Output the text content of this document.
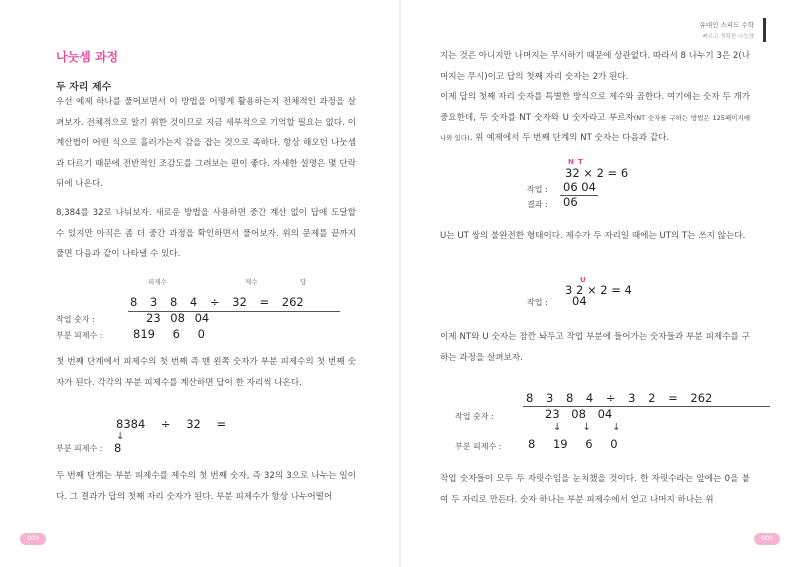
나눗셈 과정
두 자리 제수

우선 예제 하나를 풀어보면서 이 방법을 어떻게 활용하는지 전체적인 과정을 살펴보자. 전체적으로 알기 위한 것이므로 지금 세부적으로 기억할 필요는 없다. 이 계산법이 어떤 식으로 흘러가는지 감을 잡는 것으로 족하다. 항상 해오던 나눗셈과 다르기 때문에 전반적인 조감도를 그려보는 편이 좋다. 자세한 설명은 몇 단락 뒤에 나온다.

8,384를 32로 나눠보자. 새로운 방법을 사용하면 중간 계산 없이 답에 도달할 수 있지만 아직은 좀 더 중간 과정을 확인하면서 풀어보자. 위의 문제를 끝까지 풀면 다음과 같이 나타낼 수 있다.

피제수	제수	답
8 3 8 4 ÷ 32 = 262
작업 숫자 :	23 08 04
부분 피제수 :	819 6 0

첫 번째 단계에서 피제수의 첫 번째 즉 맨 왼쪽 숫자가 부분 피제수의 첫 번째 숫자가 된다. 각각의 부분 피제수를 계산하면 답이 한 자리씩 나온다.

8384 ÷ 32 =
↓
부분 피제수 : 8

두 번째 단계는 부분 피제수를 제수의 첫 번째 숫자, 즉 32의 3으로 나누는 일이다. 그 결과가 답의 첫째 자리 숫자가 된다. 부분 피제수가 항상 나누어떨어

000
유대인 스피드 수학
빠르고 정확한 나눗셈

지는 것은 아니지만 나머지는 무시하기 때문에 상관없다. 따라서 8 나누기 3은 2(나머지는 무시)이고 답의 첫째 자리 숫자는 2가 된다.

이제 답의 첫째 자리 숫자를 특별한 방식으로 제수와 곱한다. 여기에는 숫자 두 개가 중요한데, 두 숫자를 NT 숫자와 U 숫자라고 부르자(NT 숫자를 구하는 방법은 125페이지에 나와 있다). 위 예제에서 두 번째 단계의 NT 숫자는 다음과 같다.

N T
32 × 2 = 6
작업 : 06 04
결과 : 06

U는 UT 쌍의 불완전한 형태이다. 제수가 두 자리일 때에는 UT의 T는 쓰지 않는다.

U
3 2 × 2 = 4
작업 : 04

이제 NT와 U 숫자는 잠깐 놔두고 작업 부분에 들어가는 숫자들과 부분 피제수를 구하는 과정을 살펴보자.

8 3 8 4 ÷ 3 2 = 262
작업 숫자 :	23 08 04
↓ ↓ ↓
부분 피제수 : 8 19 6 0

작업 숫자들이 모두 두 자릿수임을 눈치챘을 것이다. 한 자릿수라는 앞에는 0을 붙여 두 자리로 만든다. 숫자 하나는 부분 피제수에서 얻고 나머지 하나는 위

000
